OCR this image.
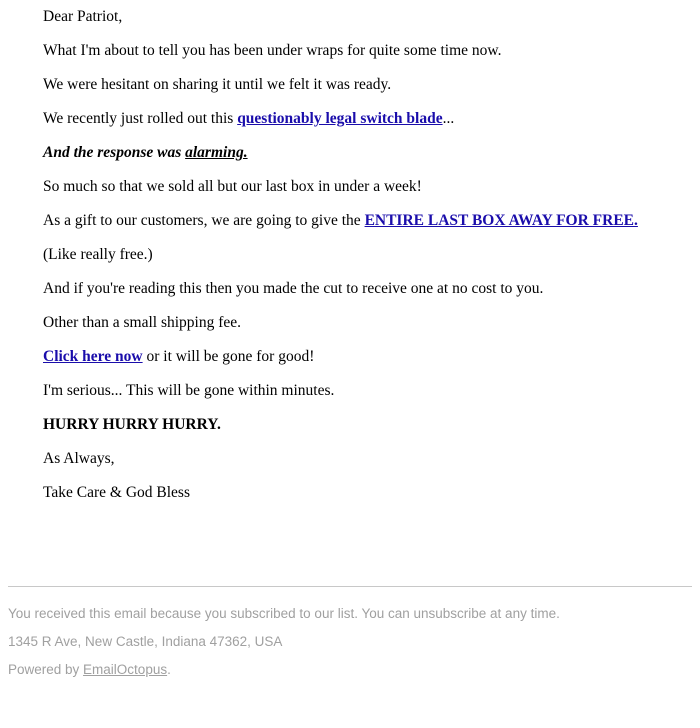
Dear Patriot,

What I'm about to tell you has been under wraps for quite some time now.

We were hesitant on sharing it until we felt it was ready.

We recently just rolled out this questionably legal switch blade...

And the response was alarming.

So much so that we sold all but our last box in under a week!

As a gift to our customers, we are going to give the ENTIRE LAST BOX AWAY FOR FREE.

(Like really free.)

And if you're reading this then you made the cut to receive one at no cost to you.

Other than a small shipping fee.

Click here now or it will be gone for good!

I'm serious... This will be gone within minutes.

HURRY HURRY HURRY.

As Always,

Take Care & God Bless

You received this email because you subscribed to our list. You can unsubscribe at any time.

1345 R Ave, New Castle, Indiana 47362, USA

Powered by EmailOctopus.
